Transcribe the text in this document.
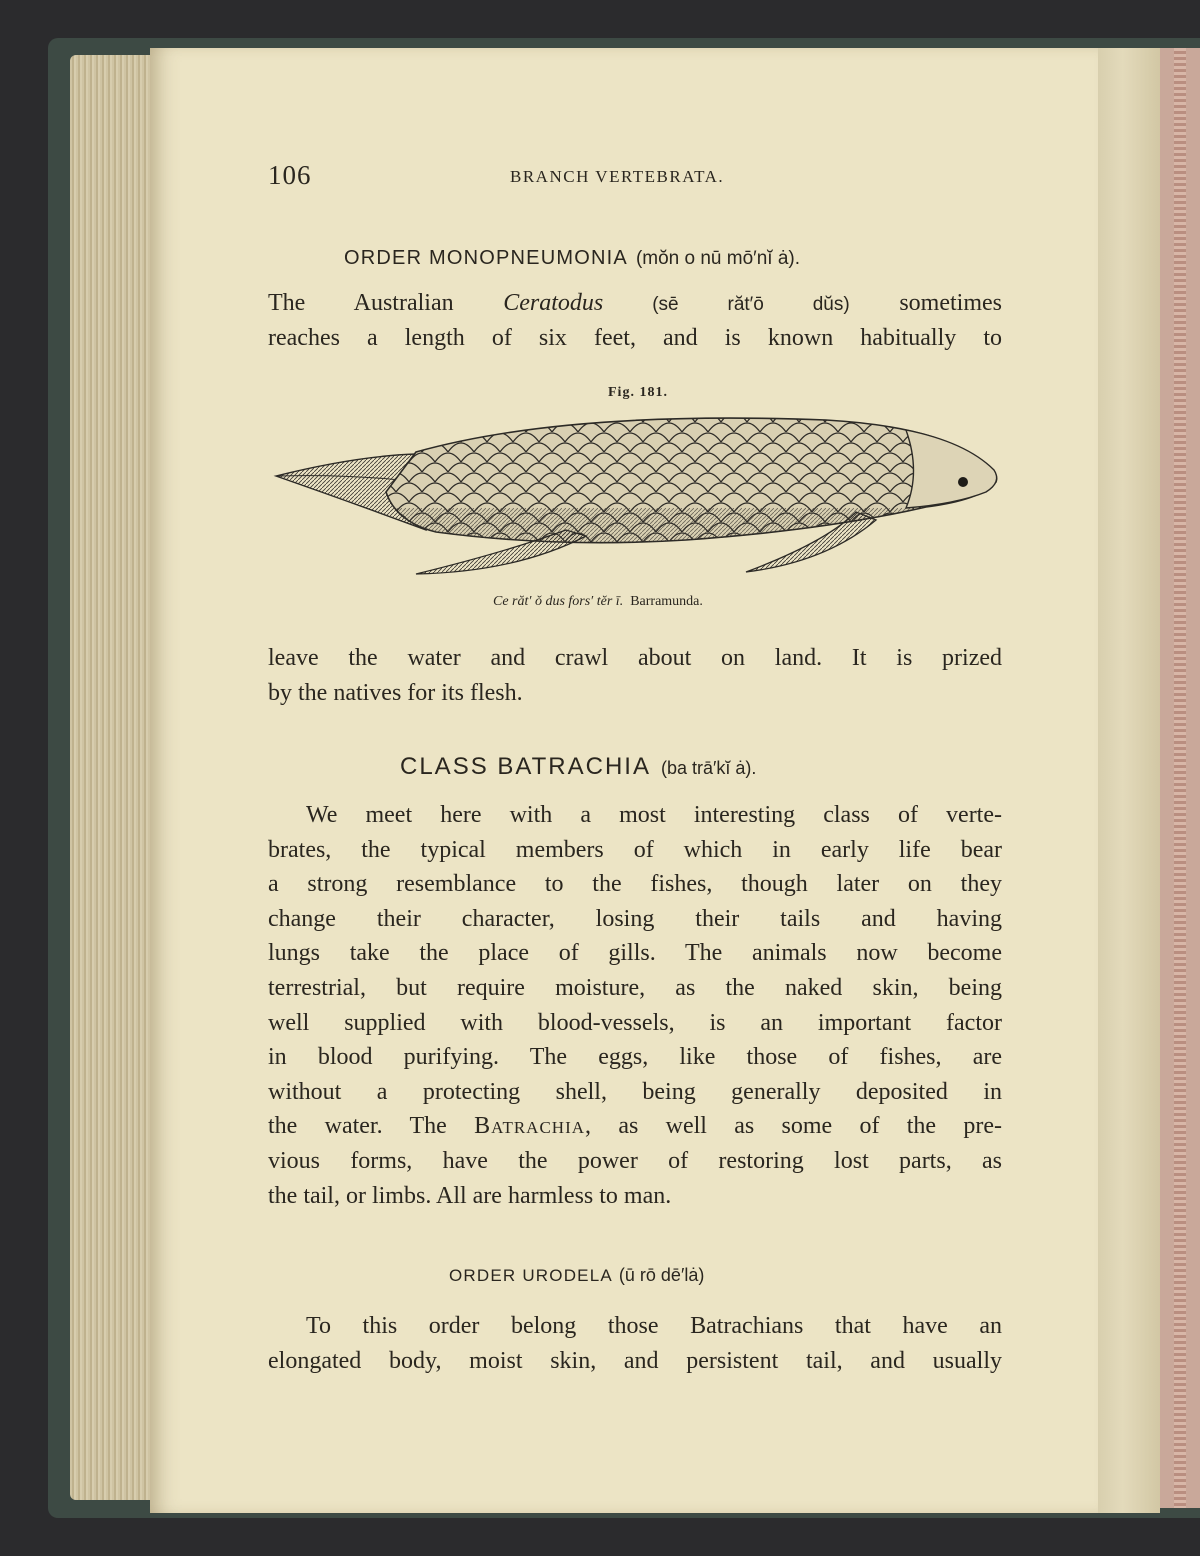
106	BRANCH VERTEBRATA.
ORDER MONOPNEUMONIA (mŏn o nū mō′nĭ ȧ).
The Australian Ceratodus (sē răt′ō dŭs) sometimes
reaches a length of six feet, and is known habitually to
Fig. 181.
Ce răt′ ŏ dus fors′ tĕr ī. Barramunda.
leave the water and crawl about on land. It is prized
by the natives for its flesh.
CLASS BATRACHIA (ba trā′kĭ ȧ).
We meet here with a most interesting class of verte-
brates, the typical members of which in early life bear
a strong resemblance to the fishes, though later on they
change their character, losing their tails and having
lungs take the place of gills. The animals now become
terrestrial, but require moisture, as the naked skin, being
well supplied with blood-vessels, is an important factor
in blood purifying. The eggs, like those of fishes, are
without a protecting shell, being generally deposited in
the water. The Batrachia, as well as some of the pre-
vious forms, have the power of restoring lost parts, as
the tail, or limbs. All are harmless to man.
ORDER URODELA (ū rō dē′lȧ)
To this order belong those Batrachians that have an
elongated body, moist skin, and persistent tail, and usually
